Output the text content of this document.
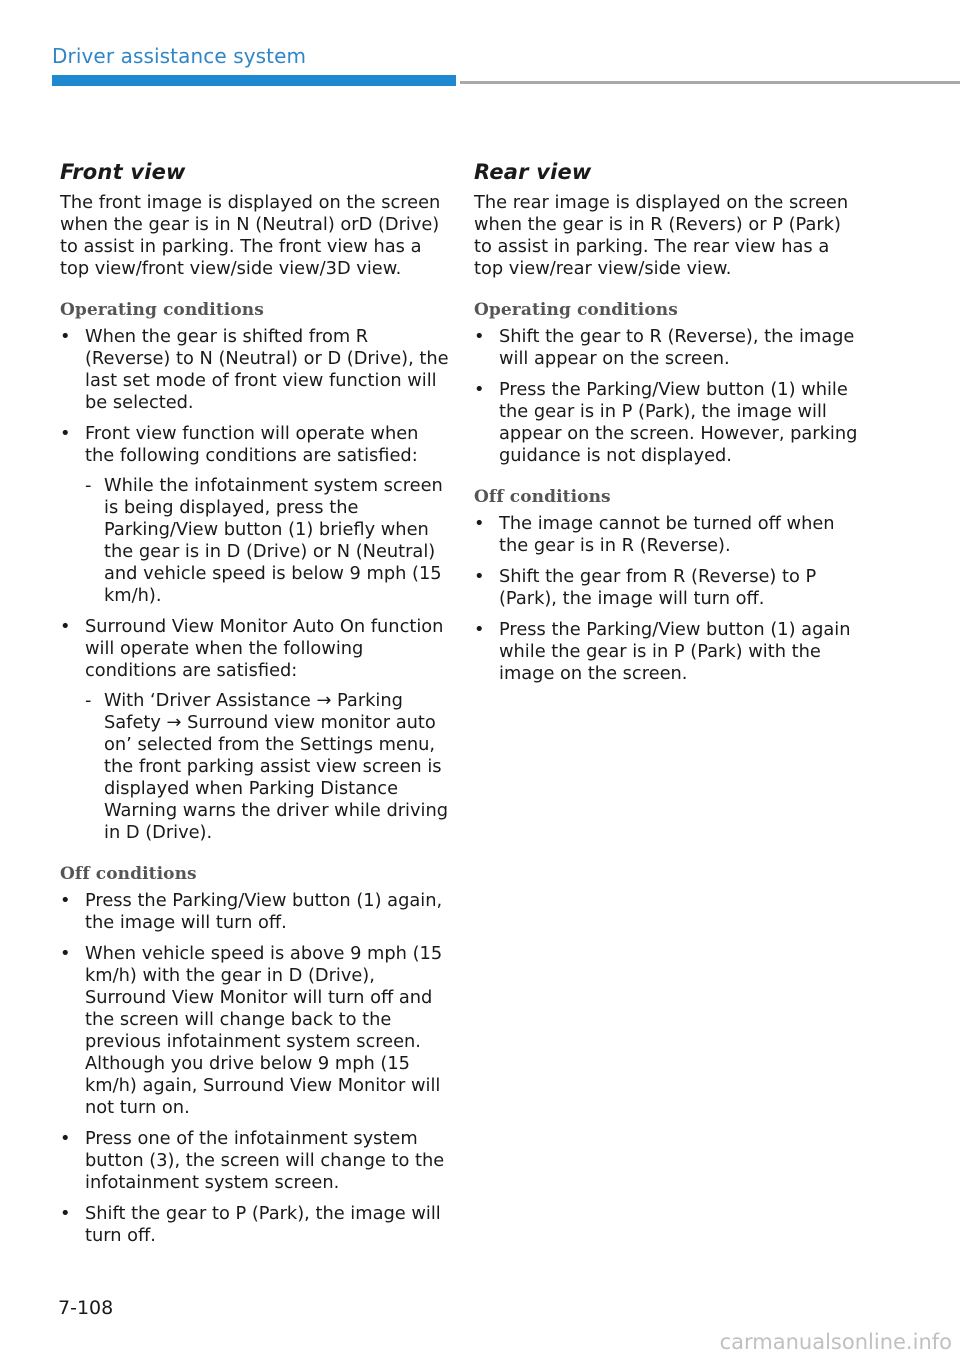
Driver assistance system
Front view

The front image is displayed on the screen when the gear is in N (Neutral) orD (Drive) to assist in parking. The front view has a top view/front view/side view/3D view.

Operating conditions
• When the gear is shifted from R (Reverse) to N (Neutral) or D (Drive), the last set mode of front view function will be selected.
• Front view function will operate when the following conditions are satisfied:
- While the infotainment system screen is being displayed, press the Parking/View button (1) briefly when the gear is in D (Drive) or N (Neutral) and vehicle speed is below 9 mph (15 km/h).
• Surround View Monitor Auto On function will operate when the following conditions are satisfied:
- With ‘Driver Assistance → Parking Safety → Surround view monitor auto on’ selected from the Settings menu, the front parking assist view screen is displayed when Parking Distance Warning warns the driver while driving in D (Drive).
Off conditions
• Press the Parking/View button (1) again, the image will turn off.
• When vehicle speed is above 9 mph (15 km/h) with the gear in D (Drive), Surround View Monitor will turn off and the screen will change back to the previous infotainment system screen. Although you drive below 9 mph (15 km/h) again, Surround View Monitor will not turn on.
• Press one of the infotainment system button (3), the screen will change to the infotainment system screen.
• Shift the gear to P (Park), the image will turn off.
Rear view

The rear image is displayed on the screen when the gear is in R (Revers) or P (Park) to assist in parking. The rear view has a top view/rear view/side view.

Operating conditions
• Shift the gear to R (Reverse), the image will appear on the screen.
• Press the Parking/View button (1) while the gear is in P (Park), the image will appear on the screen. However, parking guidance is not displayed.
Off conditions
• The image cannot be turned off when the gear is in R (Reverse).
• Shift the gear from R (Reverse) to P (Park), the image will turn off.
• Press the Parking/View button (1) again while the gear is in P (Park) with the image on the screen.
7-108
carmanualsonline.info
